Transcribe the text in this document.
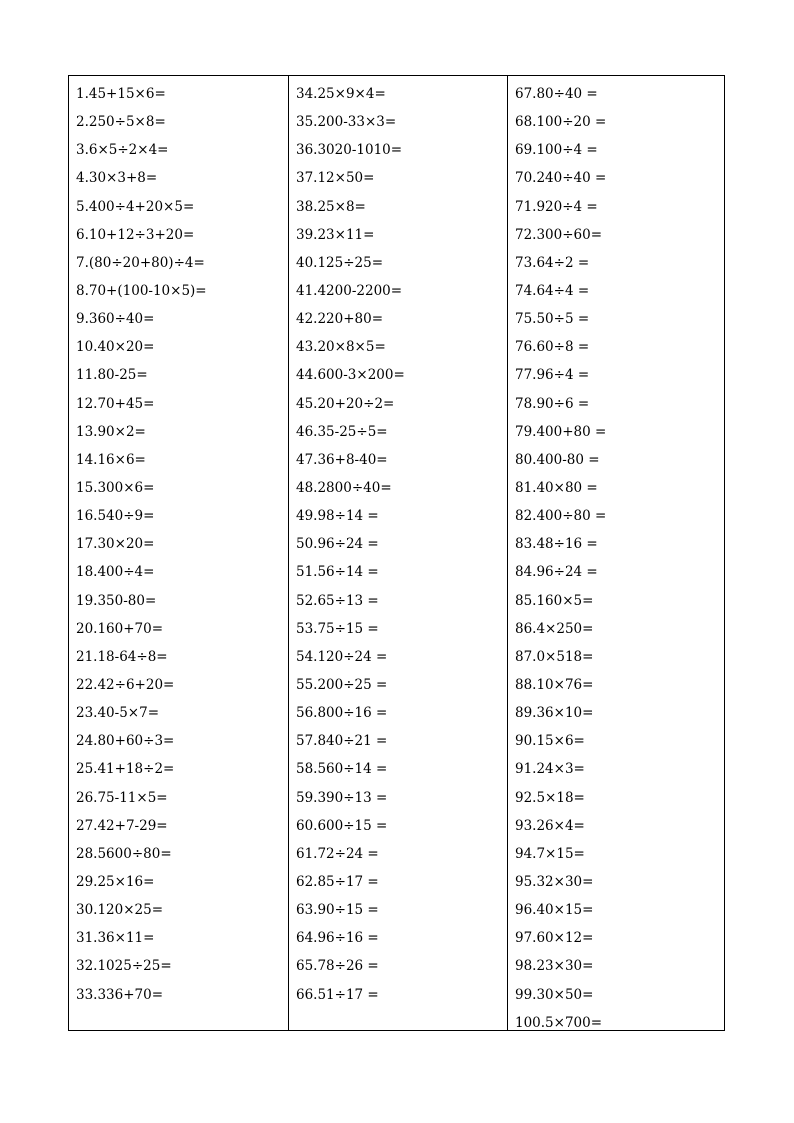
1.45+15×6=
2.250÷5×8=
3.6×5÷2×4=
4.30×3+8=
5.400÷4+20×5=
6.10+12÷3+20=
7.(80÷20+80)÷4=
8.70+(100-10×5)=
9.360÷40=
10.40×20=
11.80-25=
12.70+45=
13.90×2=
14.16×6=
15.300×6=
16.540÷9=
17.30×20=
18.400÷4=
19.350-80=
20.160+70=
21.18-64÷8=
22.42÷6+20=
23.40-5×7=
24.80+60÷3=
25.41+18÷2=
26.75-11×5=
27.42+7-29=
28.5600÷80=
29.25×16=
30.120×25=
31.36×11=
32.1025÷25=
33.336+70=
34.25×9×4=
35.200-33×3=
36.3020-1010=
37.12×50=
38.25×8=
39.23×11=
40.125÷25=
41.4200-2200=
42.220+80=
43.20×8×5=
44.600-3×200=
45.20+20÷2=
46.35-25÷5=
47.36+8-40=
48.2800÷40=
49.98÷14 =
50.96÷24 =
51.56÷14 =
52.65÷13 =
53.75÷15 =
54.120÷24 =
55.200÷25 =
56.800÷16 =
57.840÷21 =
58.560÷14 =
59.390÷13 =
60.600÷15 =
61.72÷24 =
62.85÷17 =
63.90÷15 =
64.96÷16 =
65.78÷26 =
66.51÷17 =
67.80÷40 =
68.100÷20 =
69.100÷4 =
70.240÷40 =
71.920÷4 =
72.300÷60=
73.64÷2 =
74.64÷4 =
75.50÷5 =
76.60÷8 =
77.96÷4 =
78.90÷6 =
79.400+80 =
80.400-80 =
81.40×80 =
82.400÷80 =
83.48÷16 =
84.96÷24 =
85.160×5=
86.4×250=
87.0×518=
88.10×76=
89.36×10=
90.15×6=
91.24×3=
92.5×18=
93.26×4=
94.7×15=
95.32×30=
96.40×15=
97.60×12=
98.23×30=
99.30×50=
100.5×700=
